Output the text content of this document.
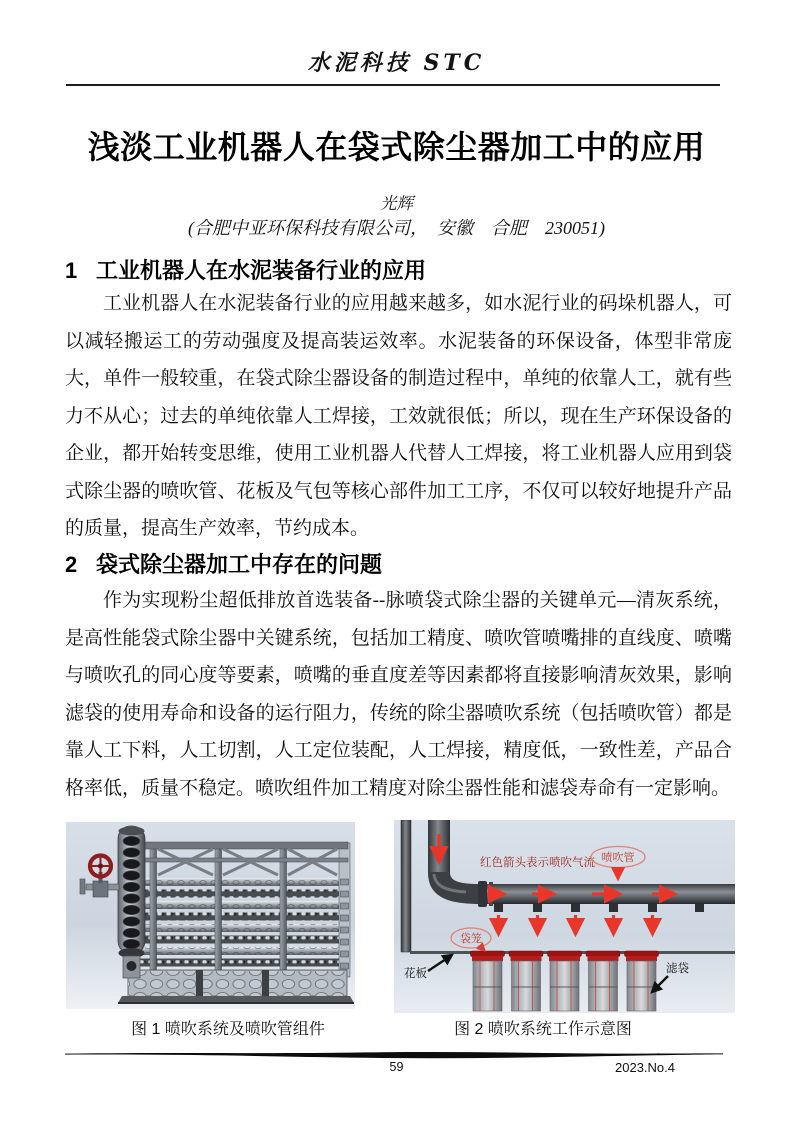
水泥科技 STC
浅淡工业机器人在袋式除尘器加工中的应用
光辉
(合肥中亚环保科技有限公司，　安徽　合肥　230051)
1 工业机器人在水泥装备行业的应用

工业机器人在水泥装备行业的应用越来越多，如水泥行业的码垛机器人，可以减轻搬运工的劳动强度及提高装运效率。水泥装备的环保设备，体型非常庞大，单件一般较重，在袋式除尘器设备的制造过程中，单纯的依靠人工，就有些力不从心；过去的单纯依靠人工焊接，工效就很低；所以，现在生产环保设备的企业，都开始转变思维，使用工业机器人代替人工焊接，将工业机器人应用到袋式除尘器的喷吹管、花板及气包等核心部件加工工序，不仅可以较好地提升产品的质量，提高生产效率，节约成本。

2 袋式除尘器加工中存在的问题

作为实现粉尘超低排放首选装备--脉喷袋式除尘器的关键单元—清灰系统，是高性能袋式除尘器中关键系统，包括加工精度、喷吹管喷嘴排的直线度、喷嘴与喷吹孔的同心度等要素，喷嘴的垂直度差等因素都将直接影响清灰效果，影响滤袋的使用寿命和设备的运行阻力，传统的除尘器喷吹系统（包括喷吹管）都是靠人工下料，人工切割，人工定位装配，人工焊接，精度低，一致性差，产品合格率低，质量不稳定。喷吹组件加工精度对除尘器性能和滤袋寿命有一定影响。

红色箭头表示喷吹气流 喷吹管
袋笼
花板	滤袋
图 1 喷吹系统及喷吹管组件	图 2 喷吹系统工作示意图
59	2023.No.4
